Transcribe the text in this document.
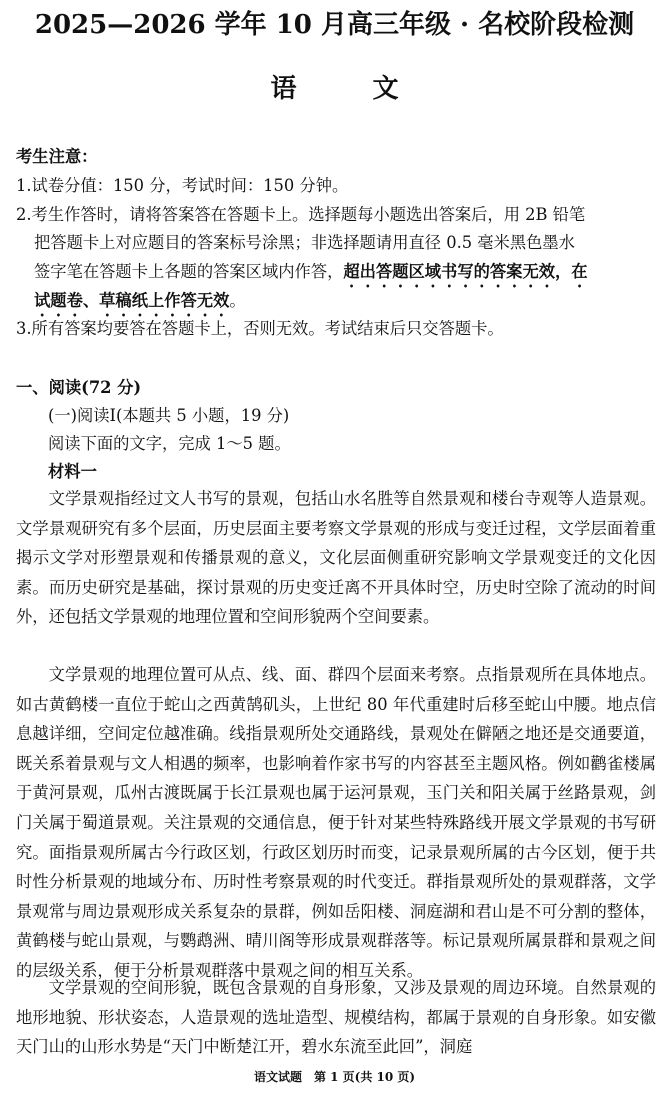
2025—2026 学年 10 月高三年级 · 名校阶段检测
语	文
考生注意：
1.试卷分值：150 分，考试时间：150 分钟。
2.考生作答时，请将答案答在答题卡上。选择题每小题选出答案后，用 2B 铅笔
把答题卡上对应题目的答案标号涂黑；非选择题请用直径 0.5 毫米黑色墨水
签字笔在答题卡上各题的答案区域内作答，超出答题区域书写的答案无效，在
试题卷、草稿纸上作答无效。
3.所有答案均要答在答题卡上，否则无效。考试结束后只交答题卡。
一、阅读(72 分)
(一)阅读Ⅰ(本题共 5 小题，19 分)
阅读下面的文字，完成 1～5 题。
材料一
文学景观指经过文人书写的景观，包括山水名胜等自然景观和楼台寺观等人造景观。文学景观研究有多个层面，历史层面主要考察文学景观的形成与变迁过程，文学层面着重揭示文学对形塑景观和传播景观的意义，文化层面侧重研究影响文学景观变迁的文化因素。而历史研究是基础，探讨景观的历史变迁离不开具体时空，历史时空除了流动的时间外，还包括文学景观的地理位置和空间形貌两个空间要素。
文学景观的地理位置可从点、线、面、群四个层面来考察。点指景观所在具体地点。如古黄鹤楼一直位于蛇山之西黄鹄矶头，上世纪 80 年代重建时后移至蛇山中腰。地点信息越详细，空间定位越准确。线指景观所处交通路线，景观处在僻陋之地还是交通要道，既关系着景观与文人相遇的频率，也影响着作家书写的内容甚至主题风格。例如鹳雀楼属于黄河景观，瓜州古渡既属于长江景观也属于运河景观，玉门关和阳关属于丝路景观，剑门关属于蜀道景观。关注景观的交通信息，便于针对某些特殊路线开展文学景观的书写研究。面指景观所属古今行政区划，行政区划历时而变，记录景观所属的古今区划，便于共时性分析景观的地域分布、历时性考察景观的时代变迁。群指景观所处的景观群落，文学景观常与周边景观形成关系复杂的景群，例如岳阳楼、洞庭湖和君山是不可分割的整体，黄鹤楼与蛇山景观，与鹦鹉洲、晴川阁等形成景观群落等。标记景观所属景群和景观之间的层级关系，便于分析景观群落中景观之间的相互关系。
文学景观的空间形貌，既包含景观的自身形象，又涉及景观的周边环境。自然景观的地形地貌、形状姿态，人造景观的选址造型、规模结构，都属于景观的自身形象。如安徽天门山的山形水势是“天门中断楚江开，碧水东流至此回”，洞庭
语文试题　第 1 页(共 10 页)
